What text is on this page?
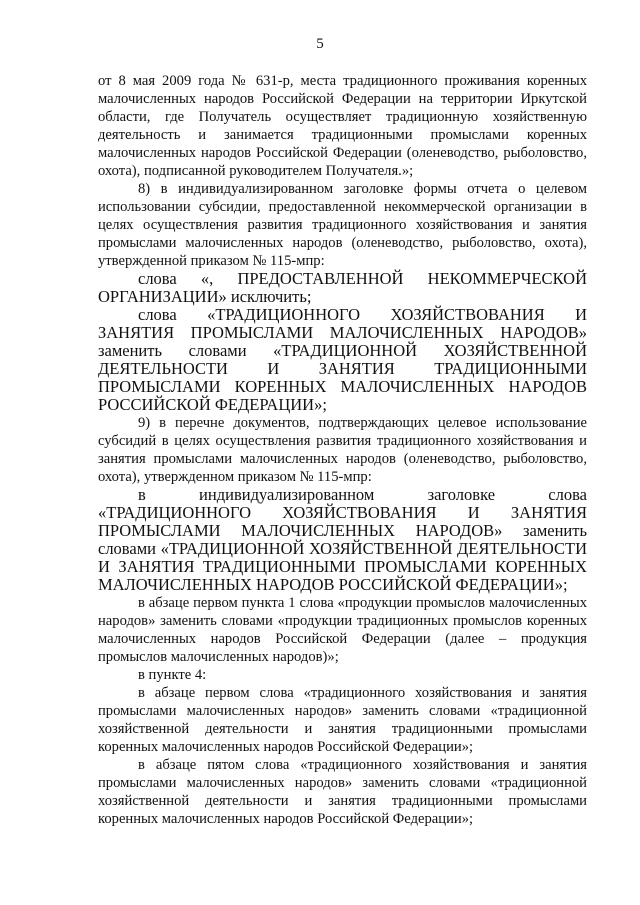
5

от 8 мая 2009 года № 631-р, места традиционного проживания коренных малочисленных народов Российской Федерации на территории Иркутской области, где Получатель осуществляет традиционную хозяйственную деятельность и занимается традиционными промыслами коренных малочисленных народов Российской Федерации (оленеводство, рыболовство, охота), подписанной руководителем Получателя.»;

8) в индивидуализированном заголовке формы отчета о целевом использовании субсидии, предоставленной некоммерческой организации в целях осуществления развития традиционного хозяйствования и занятия промыслами малочисленных народов (оленеводство, рыболовство, охота), утвержденной приказом № 115-мпр:

слова «, ПРЕДОСТАВЛЕННОЙ НЕКОММЕРЧЕСКОЙ ОРГАНИЗАЦИИ» исключить;

слова «ТРАДИЦИОННОГО ХОЗЯЙСТВОВАНИЯ И ЗАНЯТИЯ ПРОМЫСЛАМИ МАЛОЧИСЛЕННЫХ НАРОДОВ» заменить словами «ТРАДИЦИОННОЙ ХОЗЯЙСТВЕННОЙ ДЕЯТЕЛЬНОСТИ И ЗАНЯТИЯ ТРАДИЦИОННЫМИ ПРОМЫСЛАМИ КОРЕННЫХ МАЛОЧИСЛЕННЫХ НАРОДОВ РОССИЙСКОЙ ФЕДЕРАЦИИ»;

9) в перечне документов, подтверждающих целевое использование субсидий в целях осуществления развития традиционного хозяйствования и занятия промыслами малочисленных народов (оленеводство, рыболовство, охота), утвержденном приказом № 115-мпр:

в индивидуализированном заголовке слова «ТРАДИЦИОННОГО ХОЗЯЙСТВОВАНИЯ И ЗАНЯТИЯ ПРОМЫСЛАМИ МАЛОЧИСЛЕННЫХ НАРОДОВ» заменить словами «ТРАДИЦИОННОЙ ХОЗЯЙСТВЕННОЙ ДЕЯТЕЛЬНОСТИ И ЗАНЯТИЯ ТРАДИЦИОННЫМИ ПРОМЫСЛАМИ КОРЕННЫХ МАЛОЧИСЛЕННЫХ НАРОДОВ РОССИЙСКОЙ ФЕДЕРАЦИИ»;

в абзаце первом пункта 1 слова «продукции промыслов малочисленных народов» заменить словами «продукции традиционных промыслов коренных малочисленных народов Российской Федерации (далее – продукция промыслов малочисленных народов)»;

в пункте 4:

в абзаце первом слова «традиционного хозяйствования и занятия промыслами малочисленных народов» заменить словами «традиционной хозяйственной деятельности и занятия традиционными промыслами коренных малочисленных народов Российской Федерации»;

в абзаце пятом слова «традиционного хозяйствования и занятия промыслами малочисленных народов» заменить словами «традиционной хозяйственной деятельности и занятия традиционными промыслами коренных малочисленных народов Российской Федерации»;
